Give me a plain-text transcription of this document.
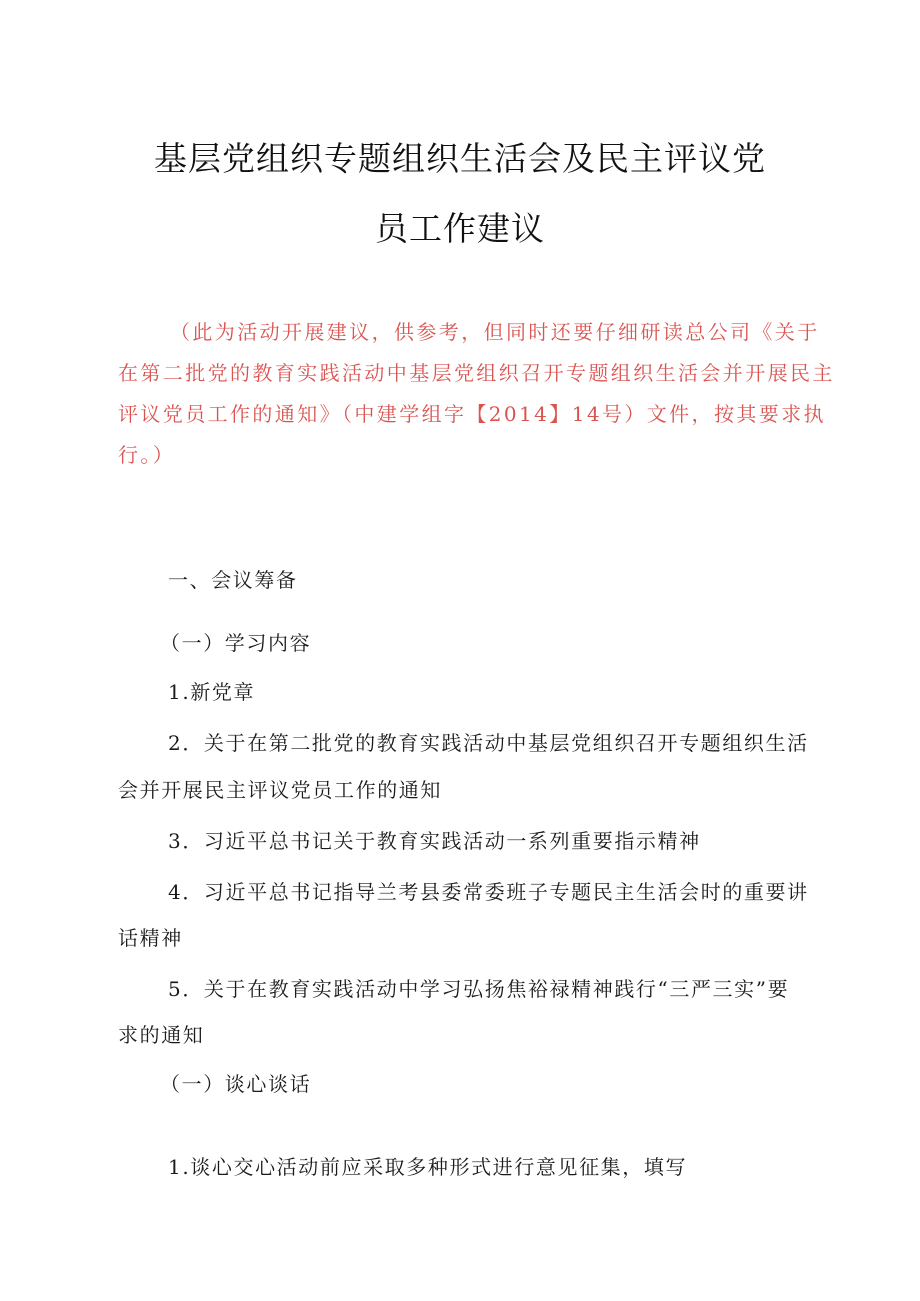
基层党组织专题组织生活会及民主评议党
员工作建议
（此为活动开展建议，供参考，但同时还要仔细研读总公司《关于
在第二批党的教育实践活动中基层党组织召开专题组织生活会并开展民主
评议党员工作的通知》（中建学组字【2014】14号）文件，按其要求执
行。）
一、会议筹备
（一）学习内容
1.新党章
2．关于在第二批党的教育实践活动中基层党组织召开专题组织生活
会并开展民主评议党员工作的通知
3．习近平总书记关于教育实践活动一系列重要指示精神
4．习近平总书记指导兰考县委常委班子专题民主生活会时的重要讲
话精神
5．关于在教育实践活动中学习弘扬焦裕禄精神践行“三严三实”要
求的通知
（一）谈心谈话
1.谈心交心活动前应采取多种形式进行意见征集，填写
